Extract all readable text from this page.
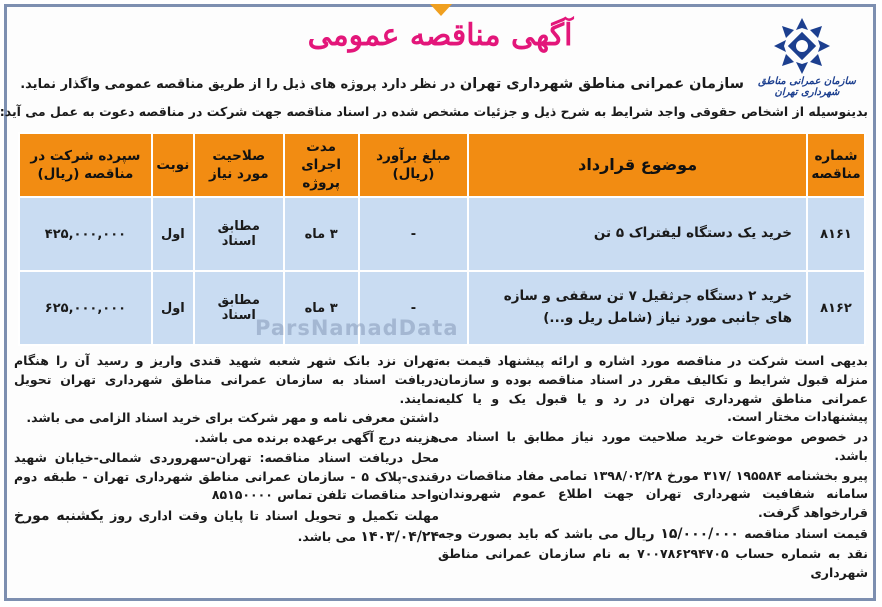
آگهی مناقصه عمومی
سازمان عمرانی مناطق شهرداری تهران
سازمان عمرانی مناطق شهرداری تهران در نظر دارد پروژه های ذیل را از طریق مناقصه عمومی واگذار نماید.
بدینوسیله از اشخاص حقوقی واجد شرایط به شرح ذیل و جزئیات مشخص شده در اسناد مناقصه جهت شرکت در مناقصه دعوت به عمل می آید:
شماره مناقصه	موضوع قرارداد	مبلغ برآورد (ریال)	مدت اجرای پروژه	صلاحیت مورد نیاز	نوبت	سپرده شرکت در مناقصه (ریال)
۸۱۶۱	خرید یک دستگاه لیفتراک ۵ تن	-	۳ ماه	مطابق اسناد	اول	۴۲۵,۰۰۰,۰۰۰
۸۱۶۲	خرید ۲ دستگاه جرثقیل ۷ تن سقفی و سازه های جانبی مورد نیاز (شامل ریل و...)	-	۳ ماه	مطابق اسناد	اول	۶۲۵,۰۰۰,۰۰۰
ParsNamadData

بدیهی است شرکت در مناقصه مورد اشاره و ارائه پیشنهاد قیمت به منزله قبول شرایط و تکالیف مقرر در اسناد مناقصه بوده و سازمان عمرانی مناطق شهرداری تهران در رد و یا قبول یک و یا کلیه پیشنهادات مختار است.

در خصوص موضوعات خرید صلاحیت مورد نیاز مطابق با اسناد می باشد.

پیرو بخشنامه ۱۹۵۵۸۴ /۳۱۷ مورخ ۱۳۹۸/۰۲/۲۸ تمامی مفاد مناقصات در سامانه شفافیت شهرداری تهران جهت اطلاع عموم شهروندان قرارخواهد گرفت.

قیمت اسناد مناقصه ۱۵/۰۰۰/۰۰۰ ریال می باشد که باید بصورت وجه نقد به شماره حساب ۷۰۰۷۸۶۲۹۴۷۰۵ به نام سازمان عمرانی مناطق شهرداری

تهران نزد بانک شهر شعبه شهید قندی واریز و رسید آن را هنگام دریافت اسناد به سازمان عمرانی مناطق شهرداری تهران تحویل نمایند.

داشتن معرفی نامه و مهر شرکت برای خرید اسناد الزامی می باشد.

هزینه درج آگهی برعهده برنده می باشد.

محل دریافت اسناد مناقصه: تهران-سهروردی شمالی-خیابان شهید قندی-پلاک ۵ - سازمان عمرانی مناطق شهرداری تهران - طبقه دوم واحد مناقصات تلفن تماس ۸۵۱۵۰۰۰۰

مهلت تکمیل و تحویل اسناد تا پایان وقت اداری روز یکشنبه مورخ ۱۴۰۳/۰۴/۲۴ می باشد.
